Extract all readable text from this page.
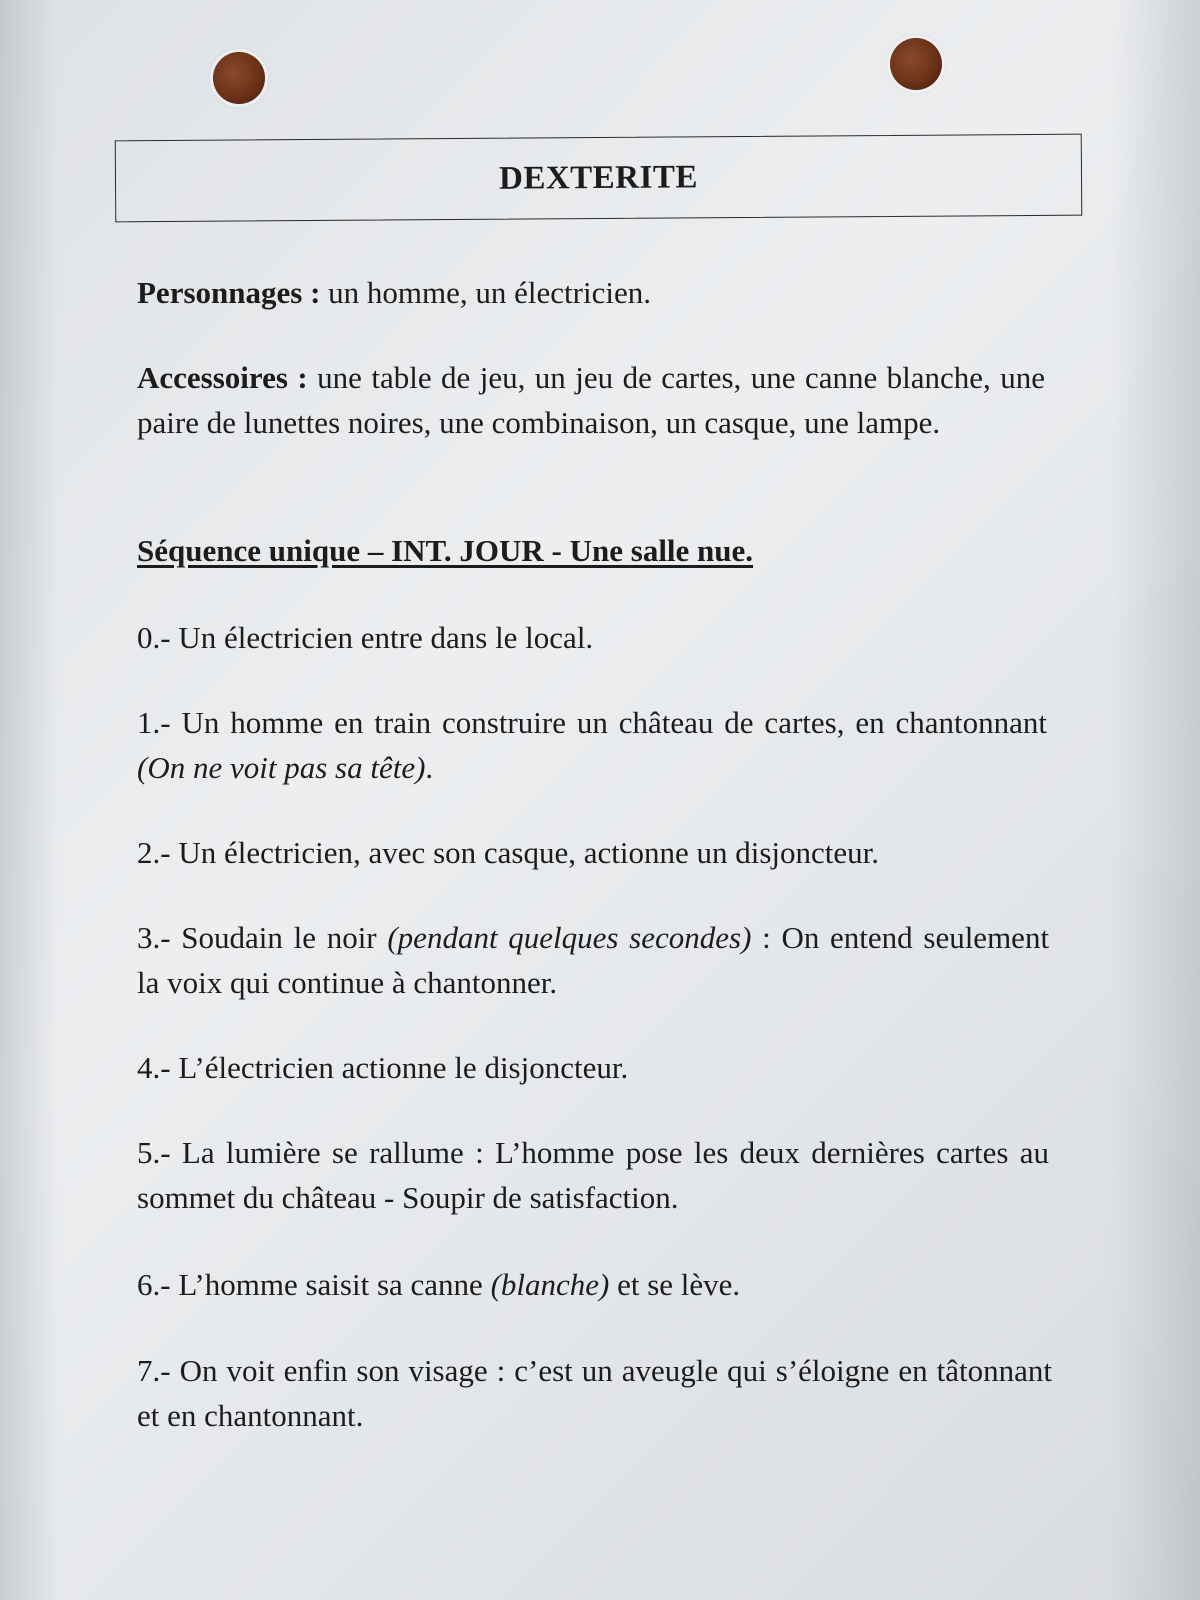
DEXTERITE
Personnages : un homme, un électricien.
Accessoires : une table de jeu, un jeu de cartes, une canne blanche, une paire de lunettes noires, une combinaison, un casque, une lampe.
Séquence unique – INT. JOUR - Une salle nue.
0.- Un électricien entre dans le local.
1.- Un homme en train construire un château de cartes, en chantonnant (On ne voit pas sa tête).
2.- Un électricien, avec son casque, actionne un disjoncteur.
3.- Soudain le noir (pendant quelques secondes) : On entend seulement la voix qui continue à chantonner.
4.- L’électricien actionne le disjoncteur.
5.- La lumière se rallume : L’homme pose les deux dernières cartes au sommet du château - Soupir de satisfaction.
6.- L’homme saisit sa canne (blanche) et se lève.
7.- On voit enfin son visage : c’est un aveugle qui s’éloigne en tâtonnant et en chantonnant.
